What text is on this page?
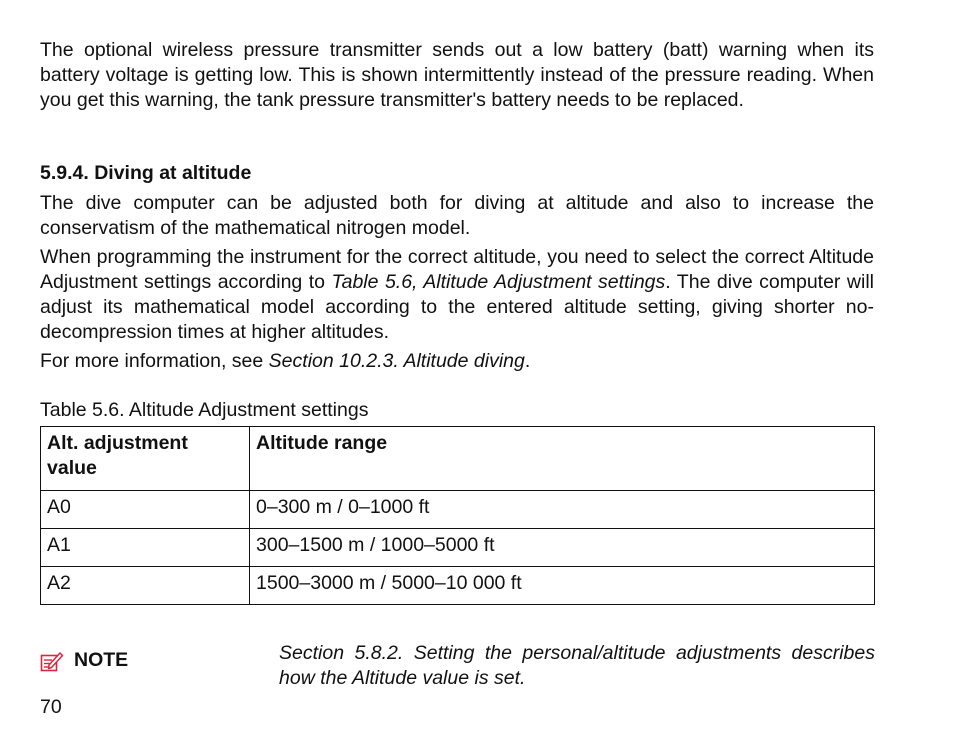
The optional wireless pressure transmitter sends out a low battery (batt) warning when its battery voltage is getting low. This is shown intermittently instead of the pressure reading. When you get this warning, the tank pressure transmitter's battery needs to be replaced.

5.9.4. Diving at altitude

The dive computer can be adjusted both for diving at altitude and also to increase the conservatism of the mathematical nitrogen model.

When programming the instrument for the correct altitude, you need to select the correct Altitude Adjustment settings according to Table 5.6, Altitude Adjustment settings. The dive computer will adjust its mathematical model according to the entered altitude setting, giving shorter no-decompression times at higher altitudes.

For more information, see Section 10.2.3. Altitude diving.

Table 5.6. Altitude Adjustment settings

Alt. adjustment value	Altitude range
A0	0–300 m / 0–1000 ft
A1	300–1500 m / 1000–5000 ft
A2	1500–3000 m / 5000–10 000 ft
NOTE	Section 5.8.2. Setting the personal/altitude adjustments describes how the Altitude value is set.

70
